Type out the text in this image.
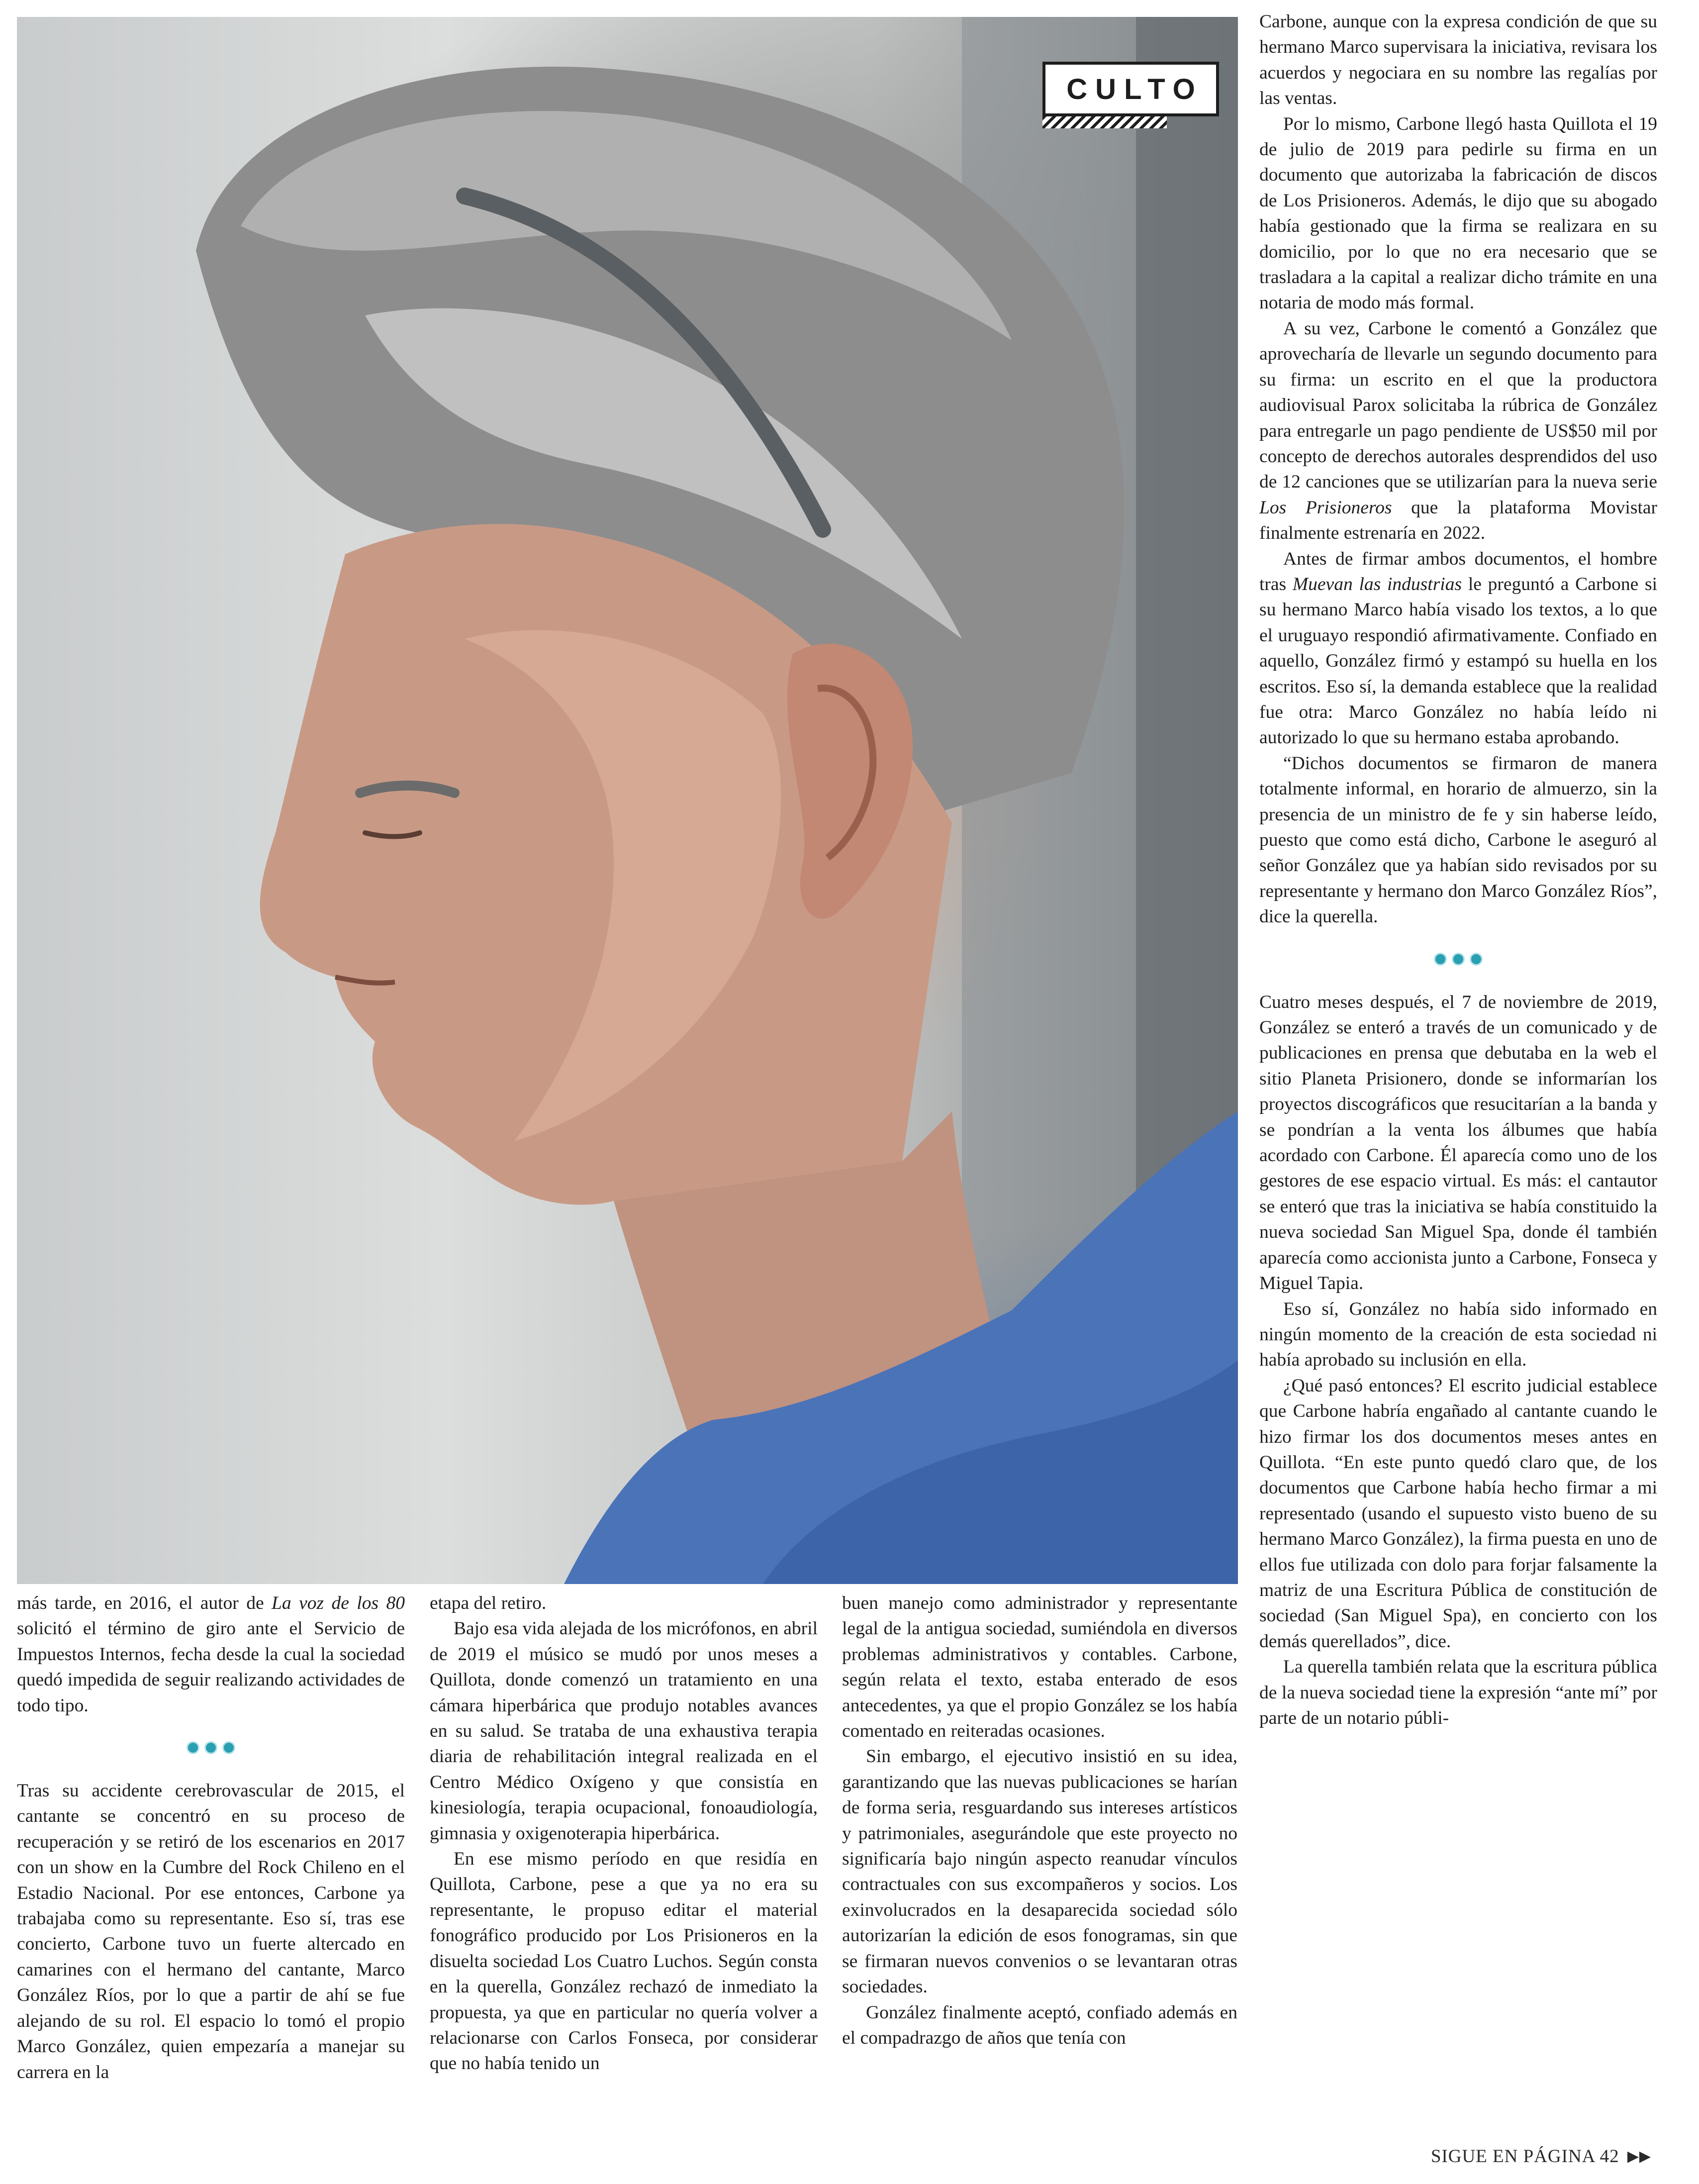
CULTO

Carbone, aunque con la expresa condición de que su hermano Marco supervisara la iniciativa, revisara los acuerdos y negociara en su nombre las regalías por las ventas.

Por lo mismo, Carbone llegó hasta Quillota el 19 de julio de 2019 para pedirle su firma en un documento que autorizaba la fabricación de discos de Los Prisioneros. Además, le dijo que su abogado había gestionado que la firma se realizara en su domicilio, por lo que no era necesario que se trasladara a la capital a realizar dicho trámite en una notaria de modo más formal.

A su vez, Carbone le comentó a González que aprovecharía de llevarle un segundo documento para su firma: un escrito en el que la productora audiovisual Parox solicitaba la rúbrica de González para entregarle un pago pendiente de US$50 mil por concepto de derechos autorales desprendidos del uso de 12 canciones que se utilizarían para la nueva serie Los Prisioneros que la plataforma Movistar finalmente estrenaría en 2022.

Antes de firmar ambos documentos, el hombre tras Muevan las industrias le preguntó a Carbone si su hermano Marco había visado los textos, a lo que el uruguayo respondió afirmativamente. Confiado en aquello, González firmó y estampó su huella en los escritos. Eso sí, la demanda establece que la realidad fue otra: Marco González no había leído ni autorizado lo que su hermano estaba aprobando.

“Dichos documentos se firmaron de manera totalmente informal, en horario de almuerzo, sin la presencia de un ministro de fe y sin haberse leído, puesto que como está dicho, Carbone le aseguró al señor González que ya habían sido revisados por su representante y hermano don Marco González Ríos”, dice la querella.

Cuatro meses después, el 7 de noviembre de 2019, González se enteró a través de un comunicado y de publicaciones en prensa que debutaba en la web el sitio Planeta Prisionero, donde se informarían los proyectos discográficos que resucitarían a la banda y se pondrían a la venta los álbumes que había acordado con Carbone. Él aparecía como uno de los gestores de ese espacio virtual. Es más: el cantautor se enteró que tras la iniciativa se había constituido la nueva sociedad San Miguel Spa, donde él también aparecía como accionista junto a Carbone, Fonseca y Miguel Tapia.

Eso sí, González no había sido informado en ningún momento de la creación de esta sociedad ni había aprobado su inclusión en ella.

¿Qué pasó entonces? El escrito judicial establece que Carbone habría engañado al cantante cuando le hizo firmar los dos documentos meses antes en Quillota. “En este punto quedó claro que, de los documentos que Carbone había hecho firmar a mi representado (usando el supuesto visto bueno de su hermano Marco González), la firma puesta en uno de ellos fue utilizada con dolo para forjar falsamente la matriz de una Escritura Pública de constitución de sociedad (San Miguel Spa), en concierto con los demás querellados”, dice.

La querella también relata que la escritura pública de la nueva sociedad tiene la expresión “ante mí” por parte de un notario públi-

más tarde, en 2016, el autor de La voz de los 80 solicitó el término de giro ante el Servicio de Impuestos Internos, fecha desde la cual la sociedad quedó impedida de seguir realizando actividades de todo tipo.

Tras su accidente cerebrovascular de 2015, el cantante se concentró en su proceso de recuperación y se retiró de los escenarios en 2017 con un show en la Cumbre del Rock Chileno en el Estadio Nacional. Por ese entonces, Carbone ya trabajaba como su representante. Eso sí, tras ese concierto, Carbone tuvo un fuerte altercado en camarines con el hermano del cantante, Marco González Ríos, por lo que a partir de ahí se fue alejando de su rol. El espacio lo tomó el propio Marco González, quien empezaría a manejar su carrera en la

etapa del retiro.

Bajo esa vida alejada de los micrófonos, en abril de 2019 el músico se mudó por unos meses a Quillota, donde comenzó un tratamiento en una cámara hiperbárica que produjo notables avances en su salud. Se trataba de una exhaustiva terapia diaria de rehabilitación integral realizada en el Centro Médico Oxígeno y que consistía en kinesiología, terapia ocupacional, fonoaudiología, gimnasia y oxigenoterapia hiperbárica.

En ese mismo período en que residía en Quillota, Carbone, pese a que ya no era su representante, le propuso editar el material fonográfico producido por Los Prisioneros en la disuelta sociedad Los Cuatro Luchos. Según consta en la querella, González rechazó de inmediato la propuesta, ya que en particular no quería volver a relacionarse con Carlos Fonseca, por considerar que no había tenido un

buen manejo como administrador y representante legal de la antigua sociedad, sumiéndola en diversos problemas administrativos y contables. Carbone, según relata el texto, estaba enterado de esos antecedentes, ya que el propio González se los había comentado en reiteradas ocasiones.

Sin embargo, el ejecutivo insistió en su idea, garantizando que las nuevas publicaciones se harían de forma seria, resguardando sus intereses artísticos y patrimoniales, asegurándole que este proyecto no significaría bajo ningún aspecto reanudar vínculos contractuales con sus excompañeros y socios. Los exinvolucrados en la desaparecida sociedad sólo autorizarían la edición de esos fonogramas, sin que se firmaran nuevos convenios o se levantaran otras sociedades.

González finalmente aceptó, confiado además en el compadrazgo de años que tenía con

SIGUE EN PÁGINA 42 ▶▶
